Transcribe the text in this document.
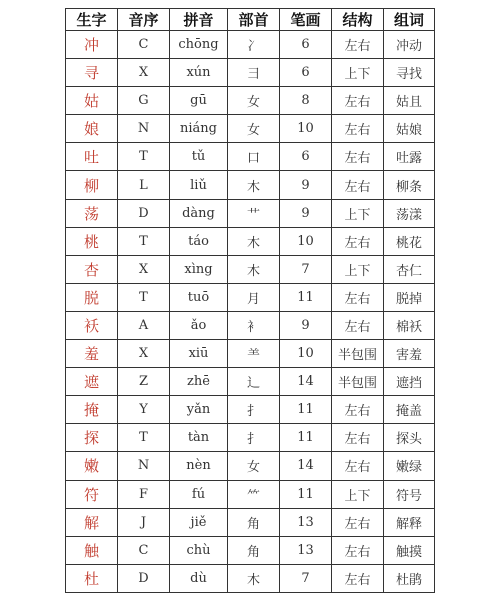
生字	音序	拼音	部首	笔画	结构	组词
冲	C	chōng	冫	6	左右	冲动
寻	X	xún	彐	6	上下	寻找
姑	G	gū	女	8	左右	姑且
娘	N	niáng	女	10	左右	姑娘
吐	T	tǔ	口	6	左右	吐露
柳	L	liǔ	木	9	左右	柳条
荡	D	dàng	艹	9	上下	荡漾
桃	T	táo	木	10	左右	桃花
杏	X	xìng	木	7	上下	杏仁
脱	T	tuō	月	11	左右	脱掉
袄	A	ǎo	衤	9	左右	棉袄
羞	X	xiū	⺷	10	半包围	害羞
遮	Z	zhē	辶	14	半包围	遮挡
掩	Y	yǎn	扌	11	左右	掩盖
探	T	tàn	扌	11	左右	探头
嫩	N	nèn	女	14	左右	嫩绿
符	F	fú	⺮	11	上下	符号
解	J	jiě	角	13	左右	解释
触	C	chù	角	13	左右	触摸
杜	D	dù	木	7	左右	杜鹃
